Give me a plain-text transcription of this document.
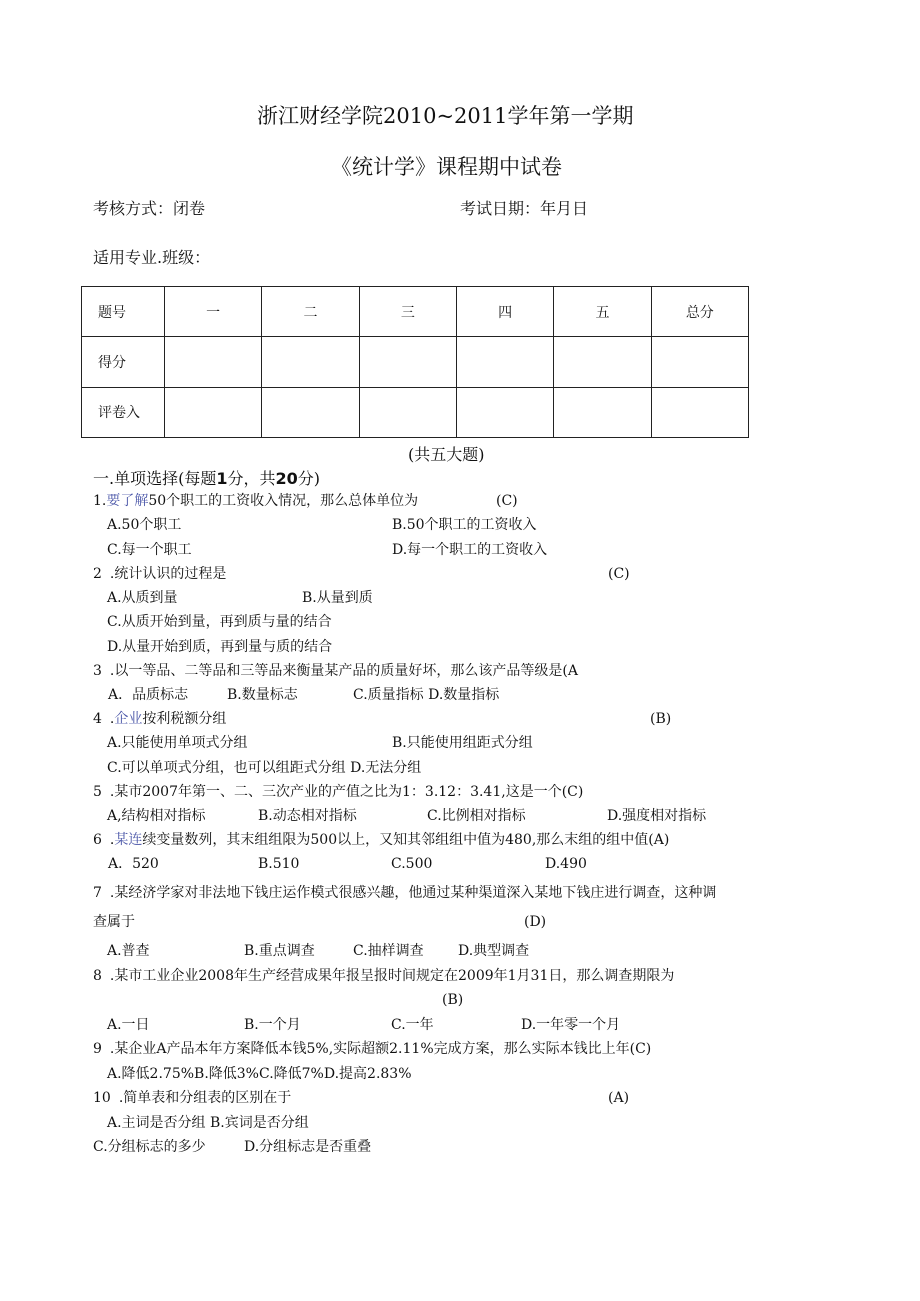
浙江财经学院2010~2011学年第一学期
《统计学》课程期中试卷
考核方式：闭卷	考试日期：年月日
适用专业.班级：
题号	一	二	三	四	五	总分
得分						
评卷入						
(共五大题)
一.单项选择(每题1分，共20分)
1.要了解50个职工的工资收入情况，那么总体单位为	(C)
A.50个职工	B.50个职工的工资收入
C.每一个职工	D.每一个职工的工资收入
2 .统计认识的过程是	(C)
A.从质到量	B.从量到质
C.从质开始到量，再到质与量的结合
D.从量开始到质，再到量与质的结合
3 .以一等品、二等品和三等品来衡量某产品的质量好坏，那么该产品等级是(A
A．品质标志	B.数量标志	C.质量指标 D.数量指标
4 .企业按利税额分组	(B)
A.只能使用单项式分组	B.只能使用组距式分组
C.可以单项式分组，也可以组距式分组 D.无法分组
5 .某市2007年第一、二、三次产业的产值之比为1：3.12：3.41,这是一个(C)
A,结构相对指标	B.动态相对指标	C.比例相对指标	D.强度相对指标
6 .某连续变量数列，其末组组限为500以上，又知其邻组组中值为480,那么末组的组中值(A)
A．520	B.510	C.500	D.490
7 .某经济学家对非法地下钱庄运作模式很感兴趣，他通过某种渠道深入某地下钱庄进行调查，这种调
查属于	(D)
A.普查	B.重点调查	C.抽样调查 D.典型调查
8 .某市工业企业2008年生产经营成果年报呈报时间规定在2009年1月31日，那么调查期限为
(B)
A.一日	B.一个月	C.一年	D.一年零一个月
9 .某企业A产品本年方案降低本钱5%,实际超额2.11%完成方案，那么实际本钱比上年(C)
A.降低2.75%B.降低3%C.降低7%D.提高2.83%
10 .简单表和分组表的区别在于	(A)
A.主词是否分组 B.宾词是否分组
C.分组标志的多少	D.分组标志是否重叠
